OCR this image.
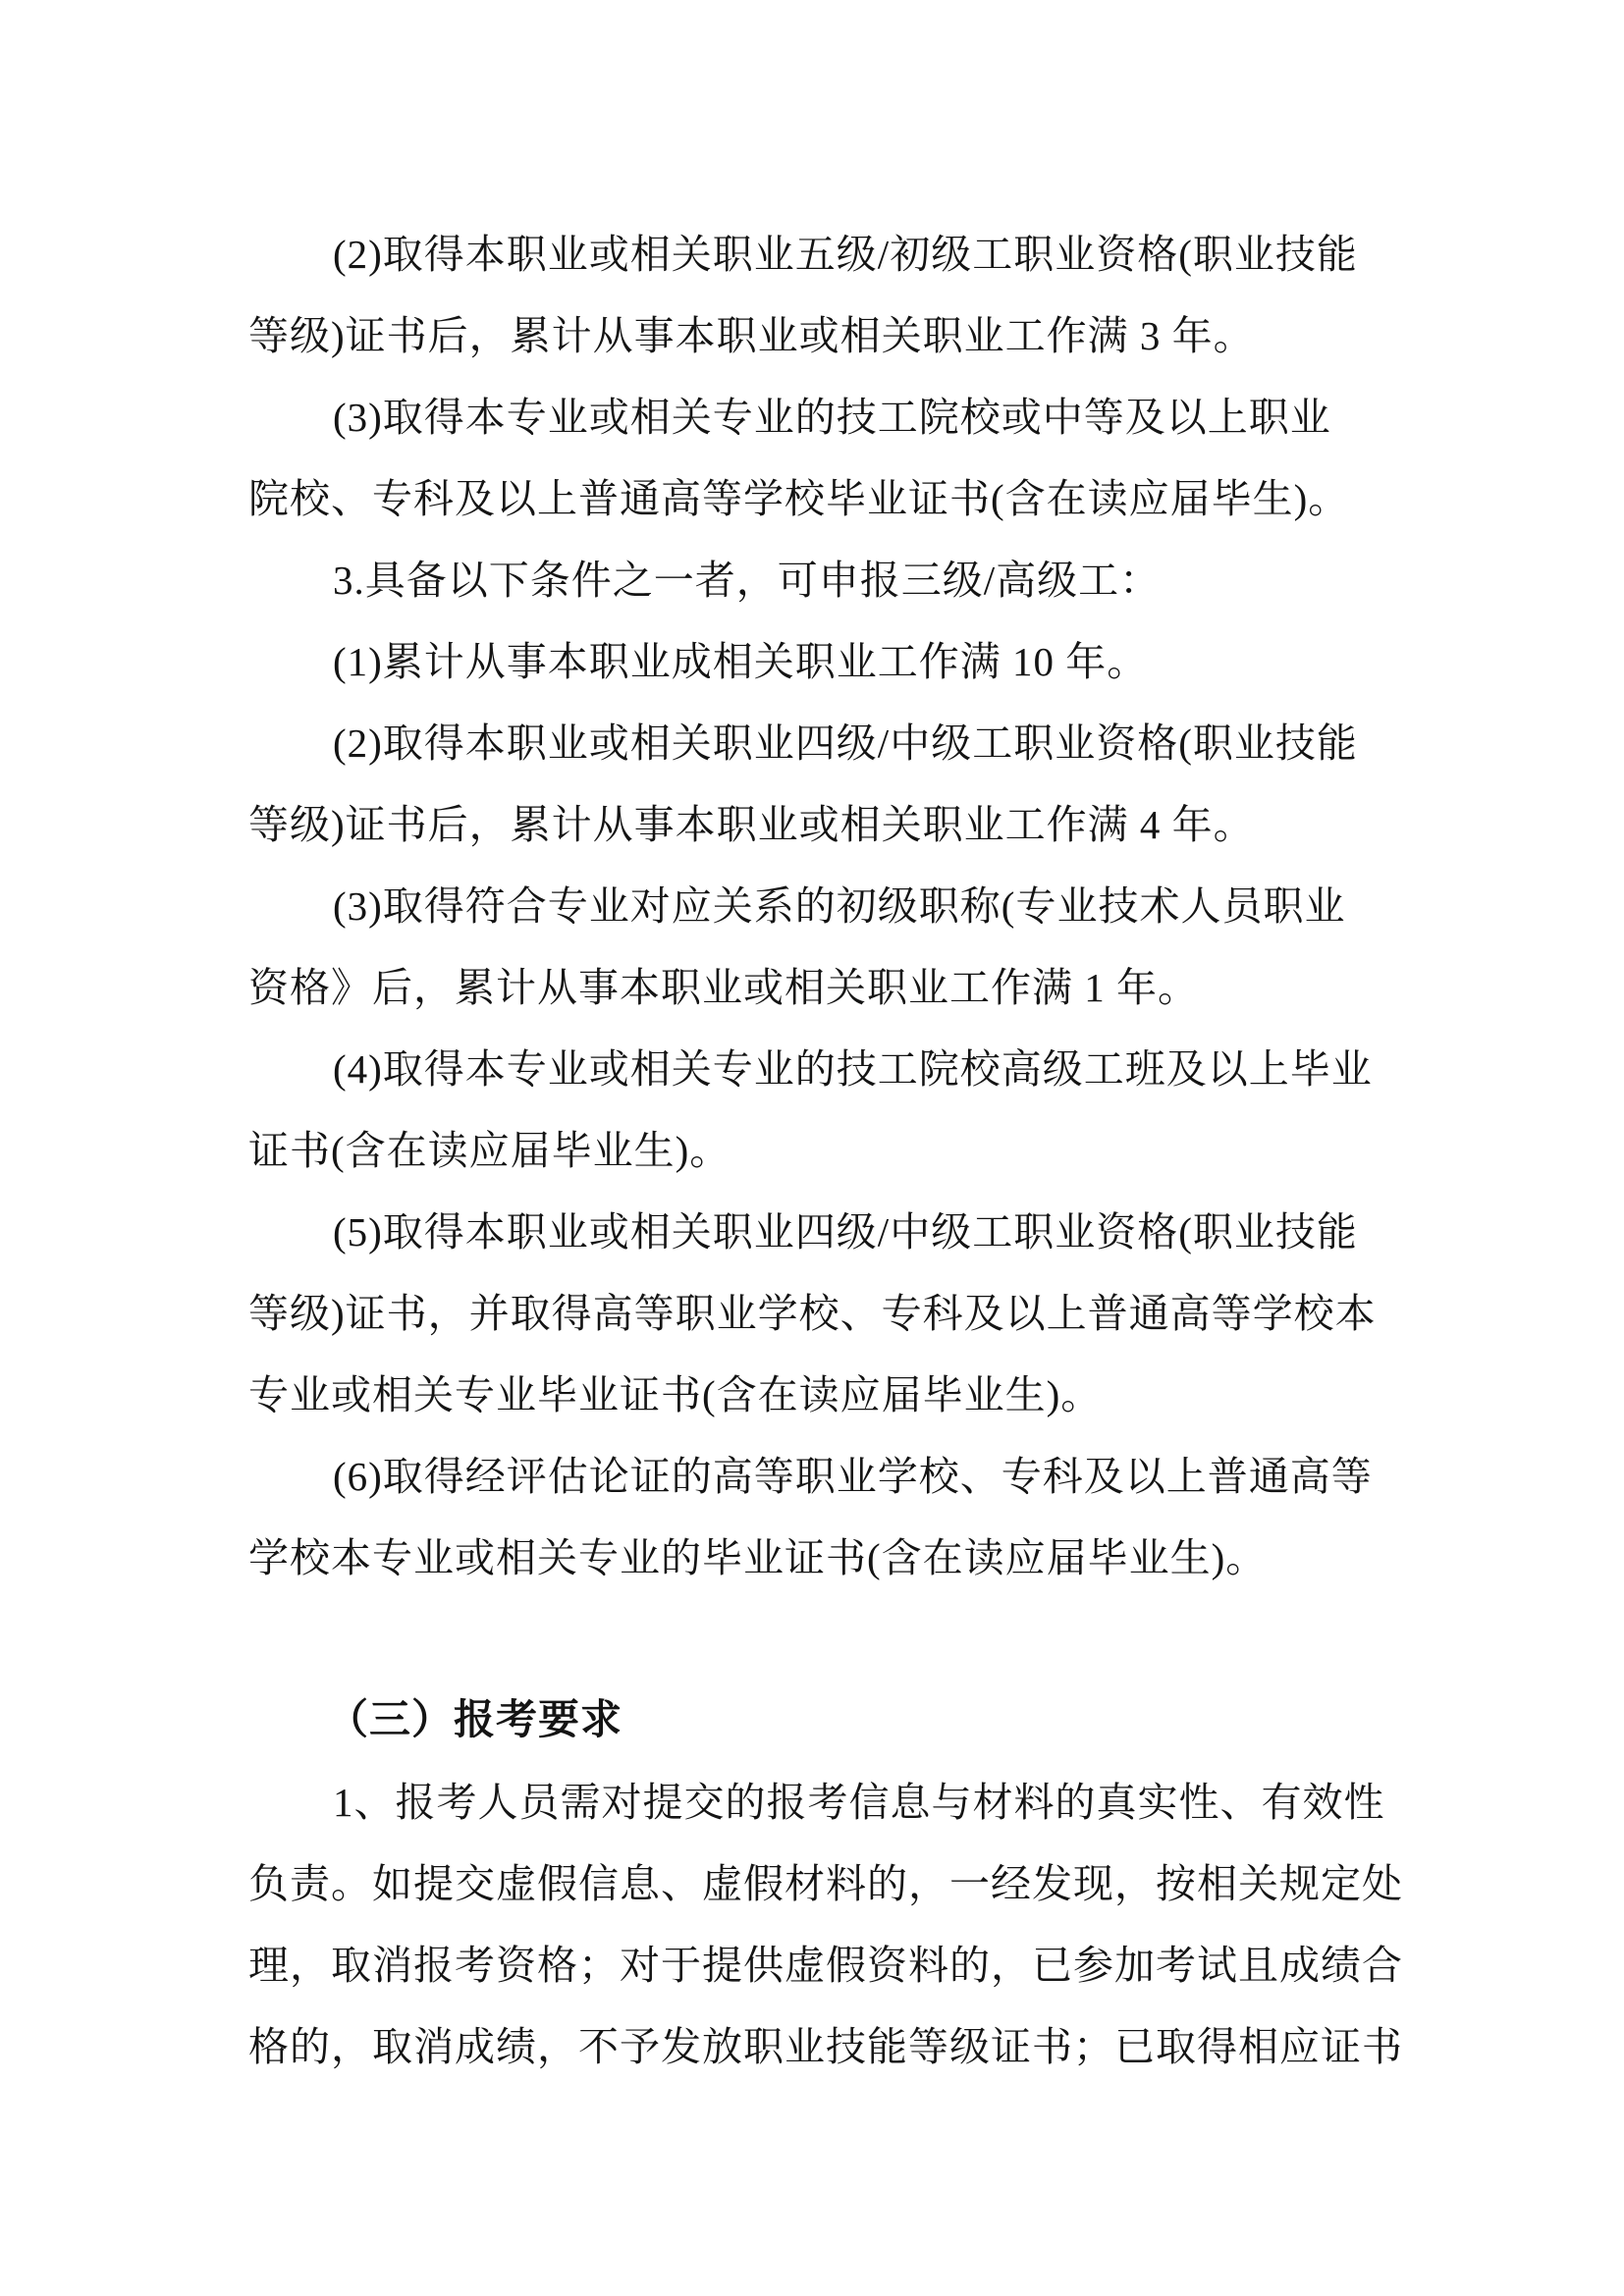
(2)取得本职业或相关职业五级/初级工职业资格(职业技能

等级)证书后，累计从事本职业或相关职业工作满 3 年。

(3)取得本专业或相关专业的技工院校或中等及以上职业

院校、专科及以上普通高等学校毕业证书(含在读应届毕生)。

3.具备以下条件之一者，可申报三级/高级工：

(1)累计从事本职业成相关职业工作满 10 年。

(2)取得本职业或相关职业四级/中级工职业资格(职业技能

等级)证书后，累计从事本职业或相关职业工作满 4 年。

(3)取得符合专业对应关系的初级职称(专业技术人员职业

资格》后，累计从事本职业或相关职业工作满 1 年。

(4)取得本专业或相关专业的技工院校高级工班及以上毕业

证书(含在读应届毕业生)。

(5)取得本职业或相关职业四级/中级工职业资格(职业技能

等级)证书，并取得高等职业学校、专科及以上普通高等学校本

专业或相关专业毕业证书(含在读应届毕业生)。

(6)取得经评估论证的高等职业学校、专科及以上普通高等

学校本专业或相关专业的毕业证书(含在读应届毕业生)。

（三）报考要求

1、报考人员需对提交的报考信息与材料的真实性、有效性

负责。如提交虚假信息、虚假材料的，一经发现，按相关规定处

理，取消报考资格；对于提供虚假资料的，已参加考试且成绩合

格的，取消成绩，不予发放职业技能等级证书；已取得相应证书
